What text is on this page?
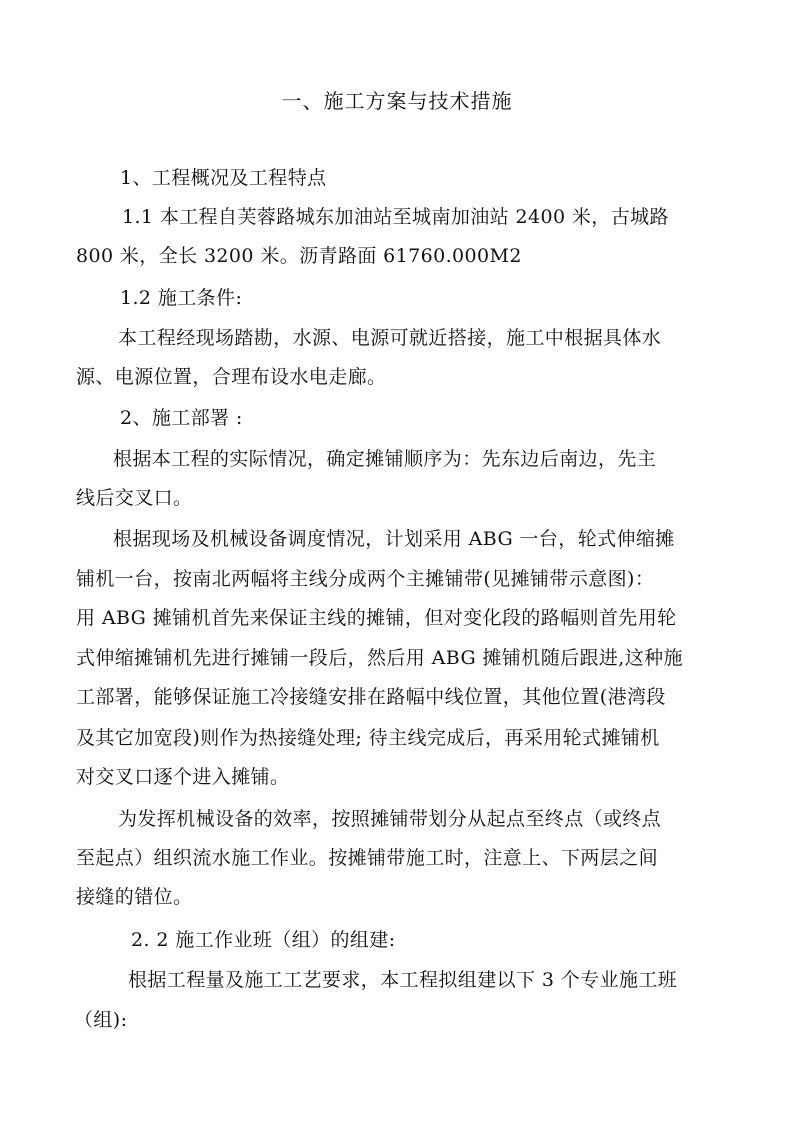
一、施工方案与技术措施
1、工程概况及工程特点
1.1 本工程自芙蓉路城东加油站至城南加油站 2400 米，古城路
800 米，全长 3200 米。沥青路面 61760.000M2
1.2 施工条件:
本工程经现场踏勘，水源、电源可就近搭接，施工中根据具体水
源、电源位置，合理布设水电走廊。
2、施工部署 :
根据本工程的实际情况，确定摊铺顺序为：先东边后南边，先主
线后交叉口。
根据现场及机械设备调度情况，计划采用 ABG 一台，轮式伸缩摊
铺机一台，按南北两幅将主线分成两个主摊铺带(见摊铺带示意图)：
用 ABG 摊铺机首先来保证主线的摊铺，但对变化段的路幅则首先用轮
式伸缩摊铺机先进行摊铺一段后，然后用 ABG 摊铺机随后跟进,这种施
工部署，能够保证施工冷接缝安排在路幅中线位置，其他位置(港湾段
及其它加宽段)则作为热接缝处理; 待主线完成后，再采用轮式摊铺机
对交叉口逐个进入摊铺。
为发挥机械设备的效率，按照摊铺带划分从起点至终点（或终点
至起点）组织流水施工作业。按摊铺带施工时，注意上、下两层之间
接缝的错位。
2. 2 施工作业班（组）的组建:
根据工程量及施工工艺要求，本工程拟组建以下 3 个专业施工班
（组):
